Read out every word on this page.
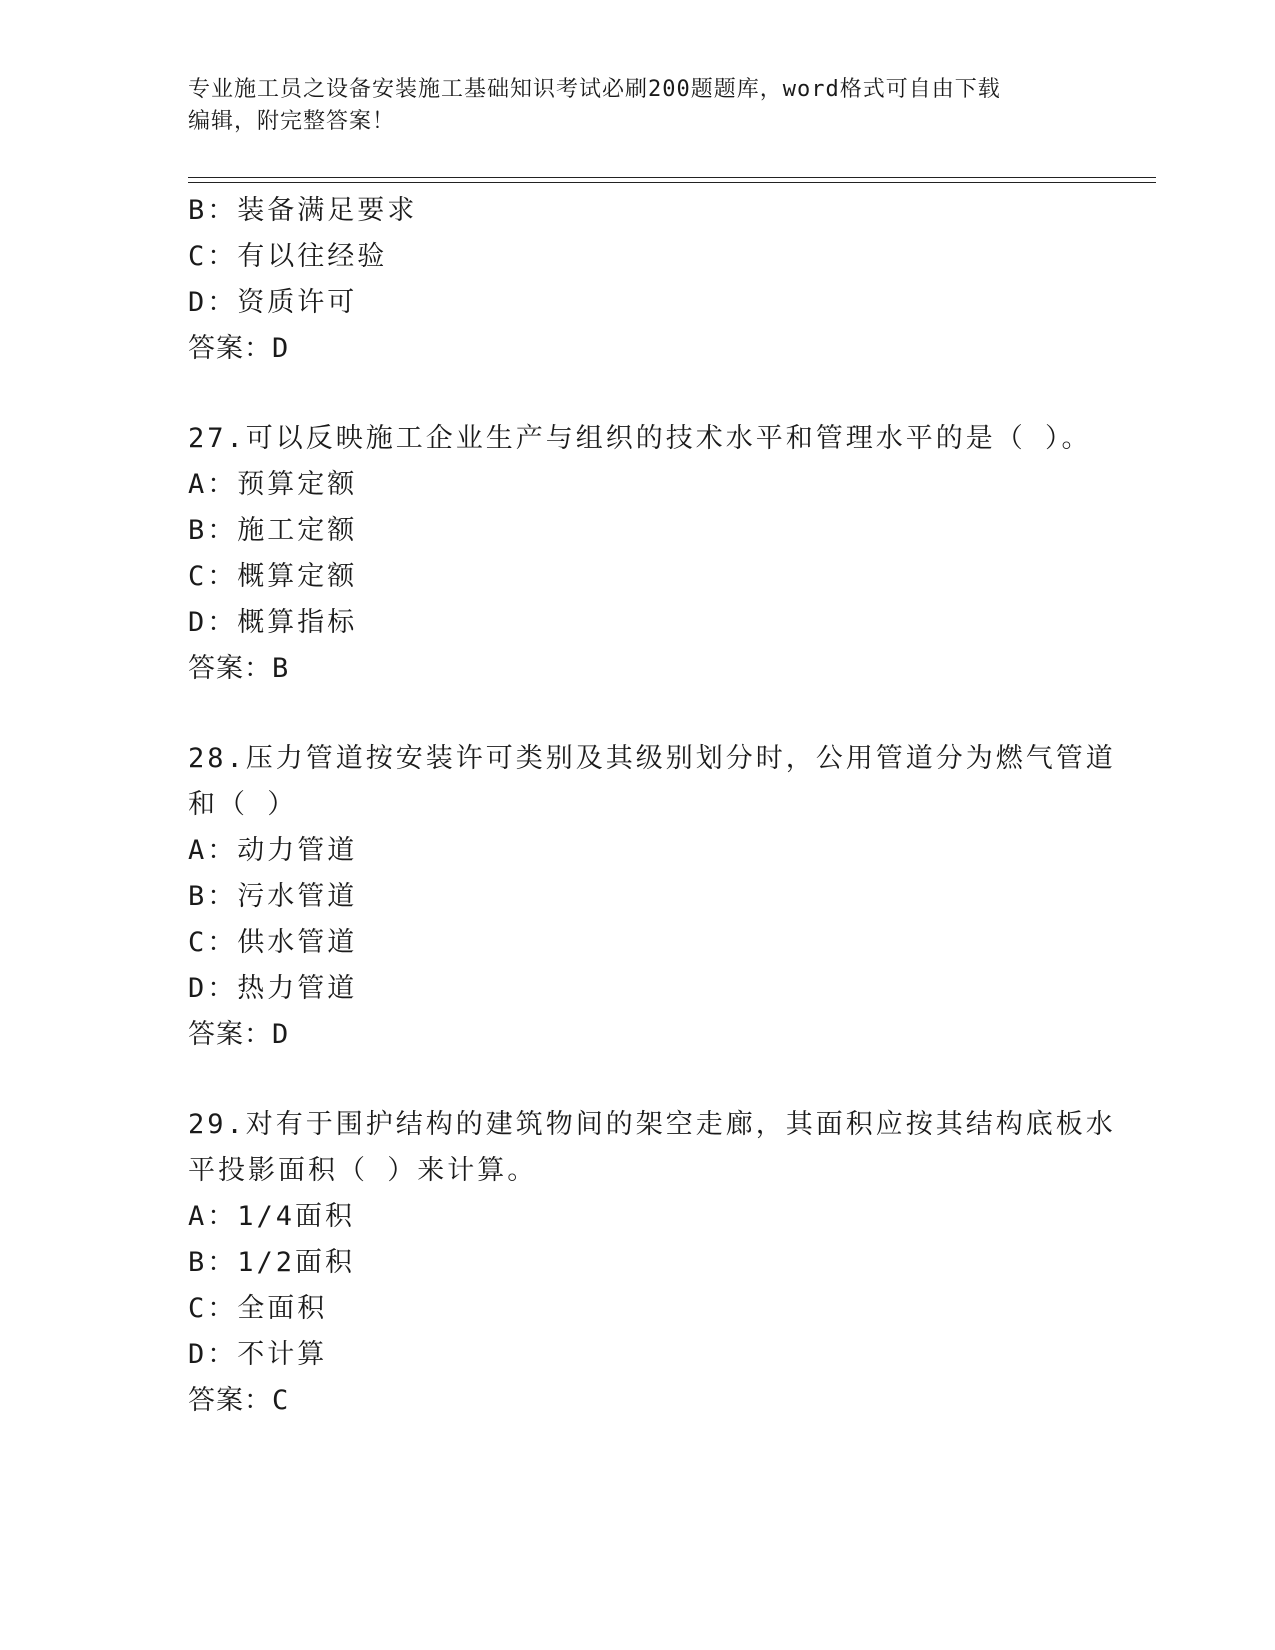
专业施工员之设备安装施工基础知识考试必刷200题题库，word格式可自由下载
编辑，附完整答案！
B：装备满足要求
C：有以往经验
D：资质许可
答案：D
27.可以反映施工企业生产与组织的技术水平和管理水平的是（ ）。
A：预算定额
B：施工定额
C：概算定额
D：概算指标
答案：B
28.压力管道按安装许可类别及其级别划分时，公用管道分为燃气管道
和（ ）
A：动力管道
B：污水管道
C：供水管道
D：热力管道
答案：D
29.对有于围护结构的建筑物间的架空走廊，其面积应按其结构底板水
平投影面积（ ）来计算。
A：1/4面积
B：1/2面积
C：全面积
D：不计算
答案：C
